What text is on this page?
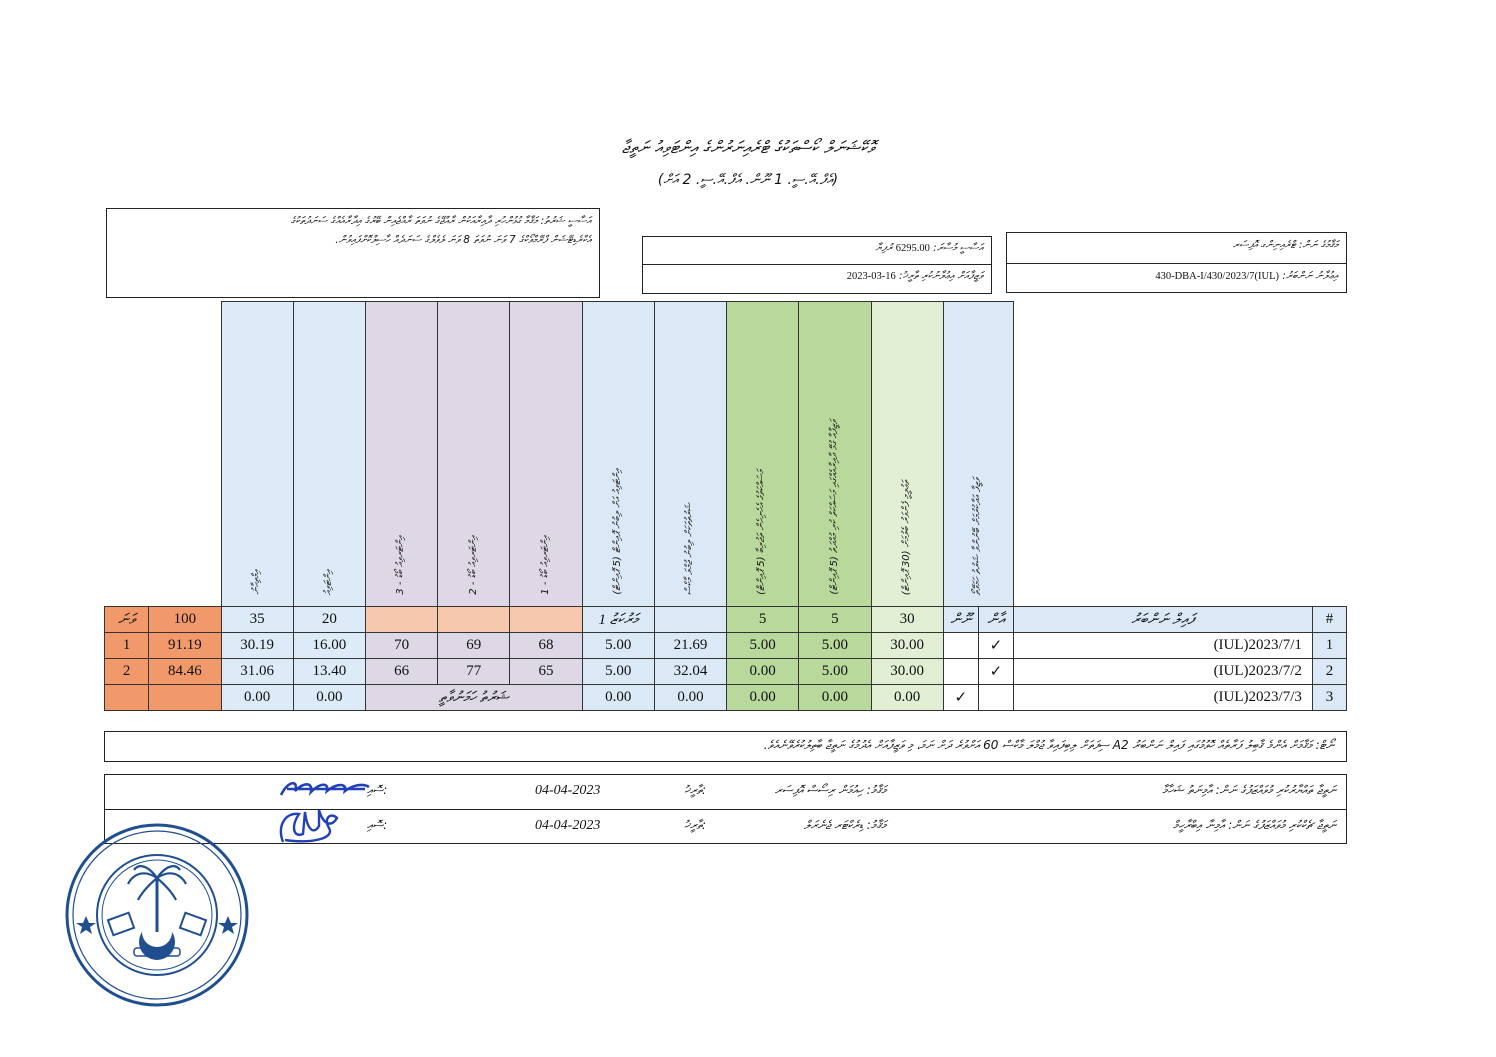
ވޮކޭޝަނަލް ކޯސްތަކުގެ ޓްރެއިނަރުންގެ އިންޓަވިއު ނަތީޖާ
(އެފް.އޭ.ސީ. 1 ނޫން. އެފް.އޭ.ސީ. 2 އަށް)
އަސާސީ ޝަރުތު: މަޤާމާ ގުޅުންހުރި ދާއިރާއަކުން ރާއްޖޭގެ ނުވަތަ ރާއްޖެއިން ބޭރުގެ އިދާރާއެއްގެ ސަނަދުތަކުގެ
އެކްރެޑިޓޭޝަން ފްރޭމްވޯކްގެ 7 ވަނަ ނުވަތަ 8 ވަނަ ލެވެލްގެ ސަނަދެއް ހާސިލްކޮށްފައިވުން.
އަސާސީ މުސާރަ: 6295.00 ރުފިޔާ
ވަޒީފާއަށް އިޢުލާނުކުރި ތާރީޚު: 16-03-2023
މަޤާމުގެ ނަން: ޓްރެއިނިންގ އޮފިސަރ
އިޢުލާނު ނަންބަރު: (IUL)430-DBA-I/430/2023/7
		ވަޒީފާ އަދާކުރުމަށް ބޭނުންވާ ޝަރުތު ހަމަވޭތޯ		ތަޢުލީމީ ފެންވަރު ބެލުމަށް (30 ޕޮއިންޓް)	ވަޒީފާއާ ގުޅޭ ދާއިރާއެއްގައި މަސައްކަތް ކުރި މުއްދަތު (5 ޕޮއިންޓް)	މަސައްކަތުގެ އެހެނިހެން ތަޖުރިބާ (5 ޕޮއިންޓް)	ޝަރުތުތަކަށް ލިބުނު ޖުމްލަ މާކްސް	އިންޓަވިއު އަށް ލިބުނު ޕޮއިންޓް (5 ޕޮއިންޓް)	އިންޓަރވިއު ބޯޑު - 1	އިންޓަރވިއު ބޯޑު - 2	އިންޓަރވިއު ބޯޑު - 3	އިންޓަވިއު	އިމްތިޙާނު		
#	ފައިލް ނަންބަރު	އާން	ނޫން	30	5	5		މަރުކަޒު 1				20	35	100	ވަނަ
1	(IUL)2023/7/1	✓		30.00	5.00	5.00	21.69	5.00	68	69	70	16.00	30.19	91.19	1
2	(IUL)2023/7/2	✓		30.00	5.00	0.00	32.04	5.00	65	77	66	13.40	31.06	84.46	2
3	(IUL)2023/7/3		✓	0.00	0.00	0.00	0.00	0.00	ޝަރުތު ހަމަނުވާތީ			0.00	0.00		
ނޯޓް: މަޤާމަށް އެންމެ ޤާބިލު ފަރާތެއް ހޮވުމުގައި ފައިލް ނަންބަރު A2 ސިފަތަށް ލިބިފައިވާ ޖުމްލަ މާކްސް 60 އަށްވުރެ ދަށް ނަމަ، މި ވަޒީފާއަށް އެދުމުގެ ނަތީޖާ ބާތިލުކުރެވޭނެއެވެ.
ނަތީޖާ ތައްޔާރުކުރި މުވައްޒަފުގެ ނަން: އާމިނަތު ޝަހާމާ
މަޤާމު: ހިއުމަން ރިސޯސް އޮފިސަރ
ތާރީޚު:
04-04-2023
ސޮއި:
ނަތީޖާ ޗެކްކުރި މުވައްޒަފުގެ ނަން: އާމިނާ އިބްރާހީމް
މަޤާމު: ޑިރެކްޓަރ ޖެނެރަލް
ތާރީޚު:
04-04-2023
ސޮއި:
